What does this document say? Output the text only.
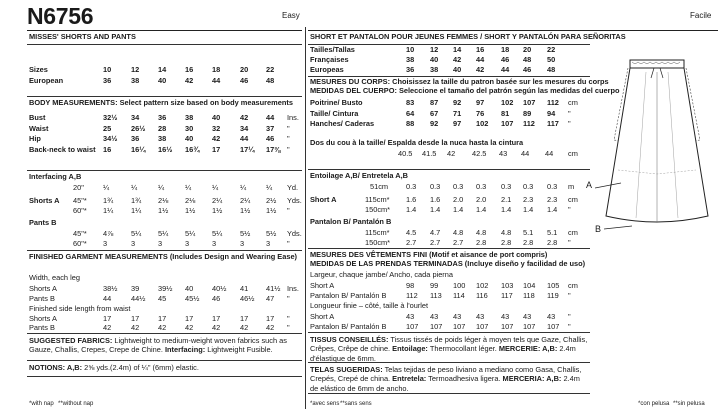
N6756	Easy
MISSES' SHORTS AND PANTS
Sizes	10	12	14	16	18	20 22
European	36	38	40	42	44	46 48
BODY MEASUREMENTS: Select pattern size based on body measurements
Bust	32½ 34	36	38	40	42 44 Ins.
Waist	25	26½ 28	30	32	34 37 "
Hip	34½ 36	38	40	42	44 46 "
Back-neck to waist 16	16¼ 16½ 16¾ 17	17¼ 17⅜ "
Interfacing A,B
20"	¼	¼	¼	¼	¼	¼	¼ Yd.
Shorts A 45"* 1¾ 1¾ 2⅛ 2⅛ 2¼ 2¼ 2½ Yds.
60"* 1¼ 1¼ 1½ 1½ 1½ 1½ 1½ "
Pants B
45"* 4⅞ 5¼ 5¼ 5¼ 5¼ 5½ 5½ Yds.
60"* 3	3	3	3	3	3	3 "
FINISHED GARMENT MEASUREMENTS (Includes Design and Wearing Ease)
Width, each leg
Shorts A	38½ 39	39½ 40	40½ 41 41½ Ins.
Pants B	44	44½ 45	45½ 46	46½ 47 "
Finished side length from waist
Shorts A	17	17	17	17	17	17 17 "
Pants B	42	42	42	42	42	42 42 "
SUGGESTED FABRICS: Lightweight to medium-weight woven fabrics such as Gauze, Challis, Crepes, Crepe de Chine. Interfacing: Lightweight Fusible.
NOTIONS: A,B: 2⅝ yds.(2.4m) of ¼" (6mm) elastic.
*with nap **without nap
Facile
SHORT ET PANTALON POUR JEUNES FEMMES / SHORT Y PANTALÓN PARA SEÑORITAS
Tailles/Tallas	10 12 14 16 18 20 22
Françaises	38 40 42 44 46 48 50
Europeas	36 38 40 42 44 46 48
MESURES DU CORPS: Choisissez la taille du patron basée sur les mesures du corps
MEDIDAS DEL CUERPO: Seleccione el tamaño del patrón según las medidas del cuerpo
Poitrine/ Busto	83 87 92 97 102 107 112 cm
Taille/ Cintura	64 67 71 76 81 89 94 "
Hanches/ Caderas	88 92 97 102 107 112 117 "
Dos du cou à la taille/ Espalda desde la nuca hasta la cintura
40.5 41.5 42 42.5 43 44 44 cm
Entoilage A,B/ Entretela A,B
51cm 0.3 0.3 0.3 0.3 0.3 0.3 0.3 m
Short A	115cm* 1.6 1.6 2.0 2.0 2.1 2.3 2.3 cm
150cm* 1.4 1.4 1.4 1.4 1.4 1.4 1.4 "
Pantalon B/ Pantalón B
115cm* 4.5 4.7 4.8 4.8 4.8 5.1 5.1 cm
150cm* 2.7 2.7 2.7 2.8 2.8 2.8 2.8 "
MESURES DES VÊTEMENTS FINI (Motif et aisance de port compris)
MEDIDAS DE LAS PRENDAS TERMINADAS (Incluye diseño y facilidad de uso)
Largeur, chaque jambe/ Ancho, cada pierna
Short A	98 99 100 102 103 104 105 cm
Pantalon B/ Pantalón B	112 113 114 116 117 118 119 "
Longueur finie – côté, taille à l'ourlet
Short A	43 43 43 43 43 43 43 "
Pantalon B/ Pantalón B	107 107 107 107 107 107 107 "
TISSUS CONSEILLÉS: Tissus tissés de poids léger à moyen tels que Gaze, Challis, Crêpes, Crêpe de chine. Entoilage: Thermocollant léger. MERCERIE: A,B: 2.4m d'élastique de 6mm.
TELAS SUGERIDAS: Telas tejidas de peso liviano a mediano como Gasa, Challis, Crepés, Crepé de china. Entretela: Termoadhesiva ligera. MERCERIA: A,B: 2.4m de elástico de 6mm de ancho.
*avec sens **sans sens	*con pelusa **sin pelusa
A
B
